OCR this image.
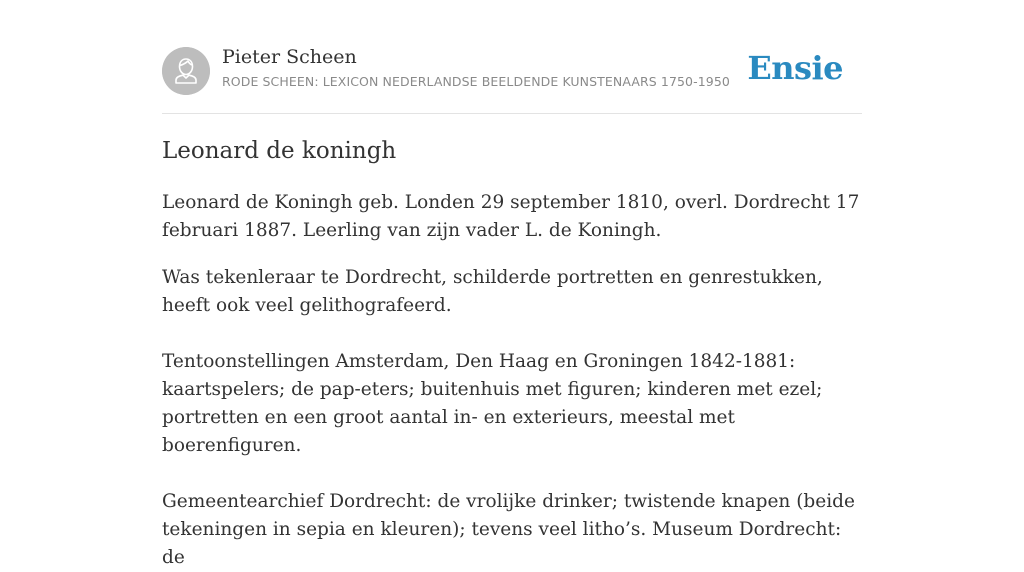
Pieter Scheen
RODE SCHEEN: LEXICON NEDERLANDSE BEELDENDE KUNSTENAARS 1750-1950 Ensie
Leonard de koningh

Leonard de Koningh geb. Londen 29 september 1810, overl. Dordrecht 17 februari 1887. Leerling van zijn vader L. de Koningh.

Was tekenleraar te Dordrecht, schilderde portretten en genrestukken, heeft ook veel gelithografeerd.

Tentoonstellingen Amsterdam, Den Haag en Groningen 1842-1881: kaartspelers; de pap-eters; buitenhuis met figuren; kinderen met ezel; portretten en een groot aantal in- en exterieurs, meestal met boerenfiguren.

Gemeentearchief Dordrecht: de vrolijke drinker; twistende knapen (beide tekeningen in sepia en kleuren); tevens veel litho’s. Museum Dordrecht: de
